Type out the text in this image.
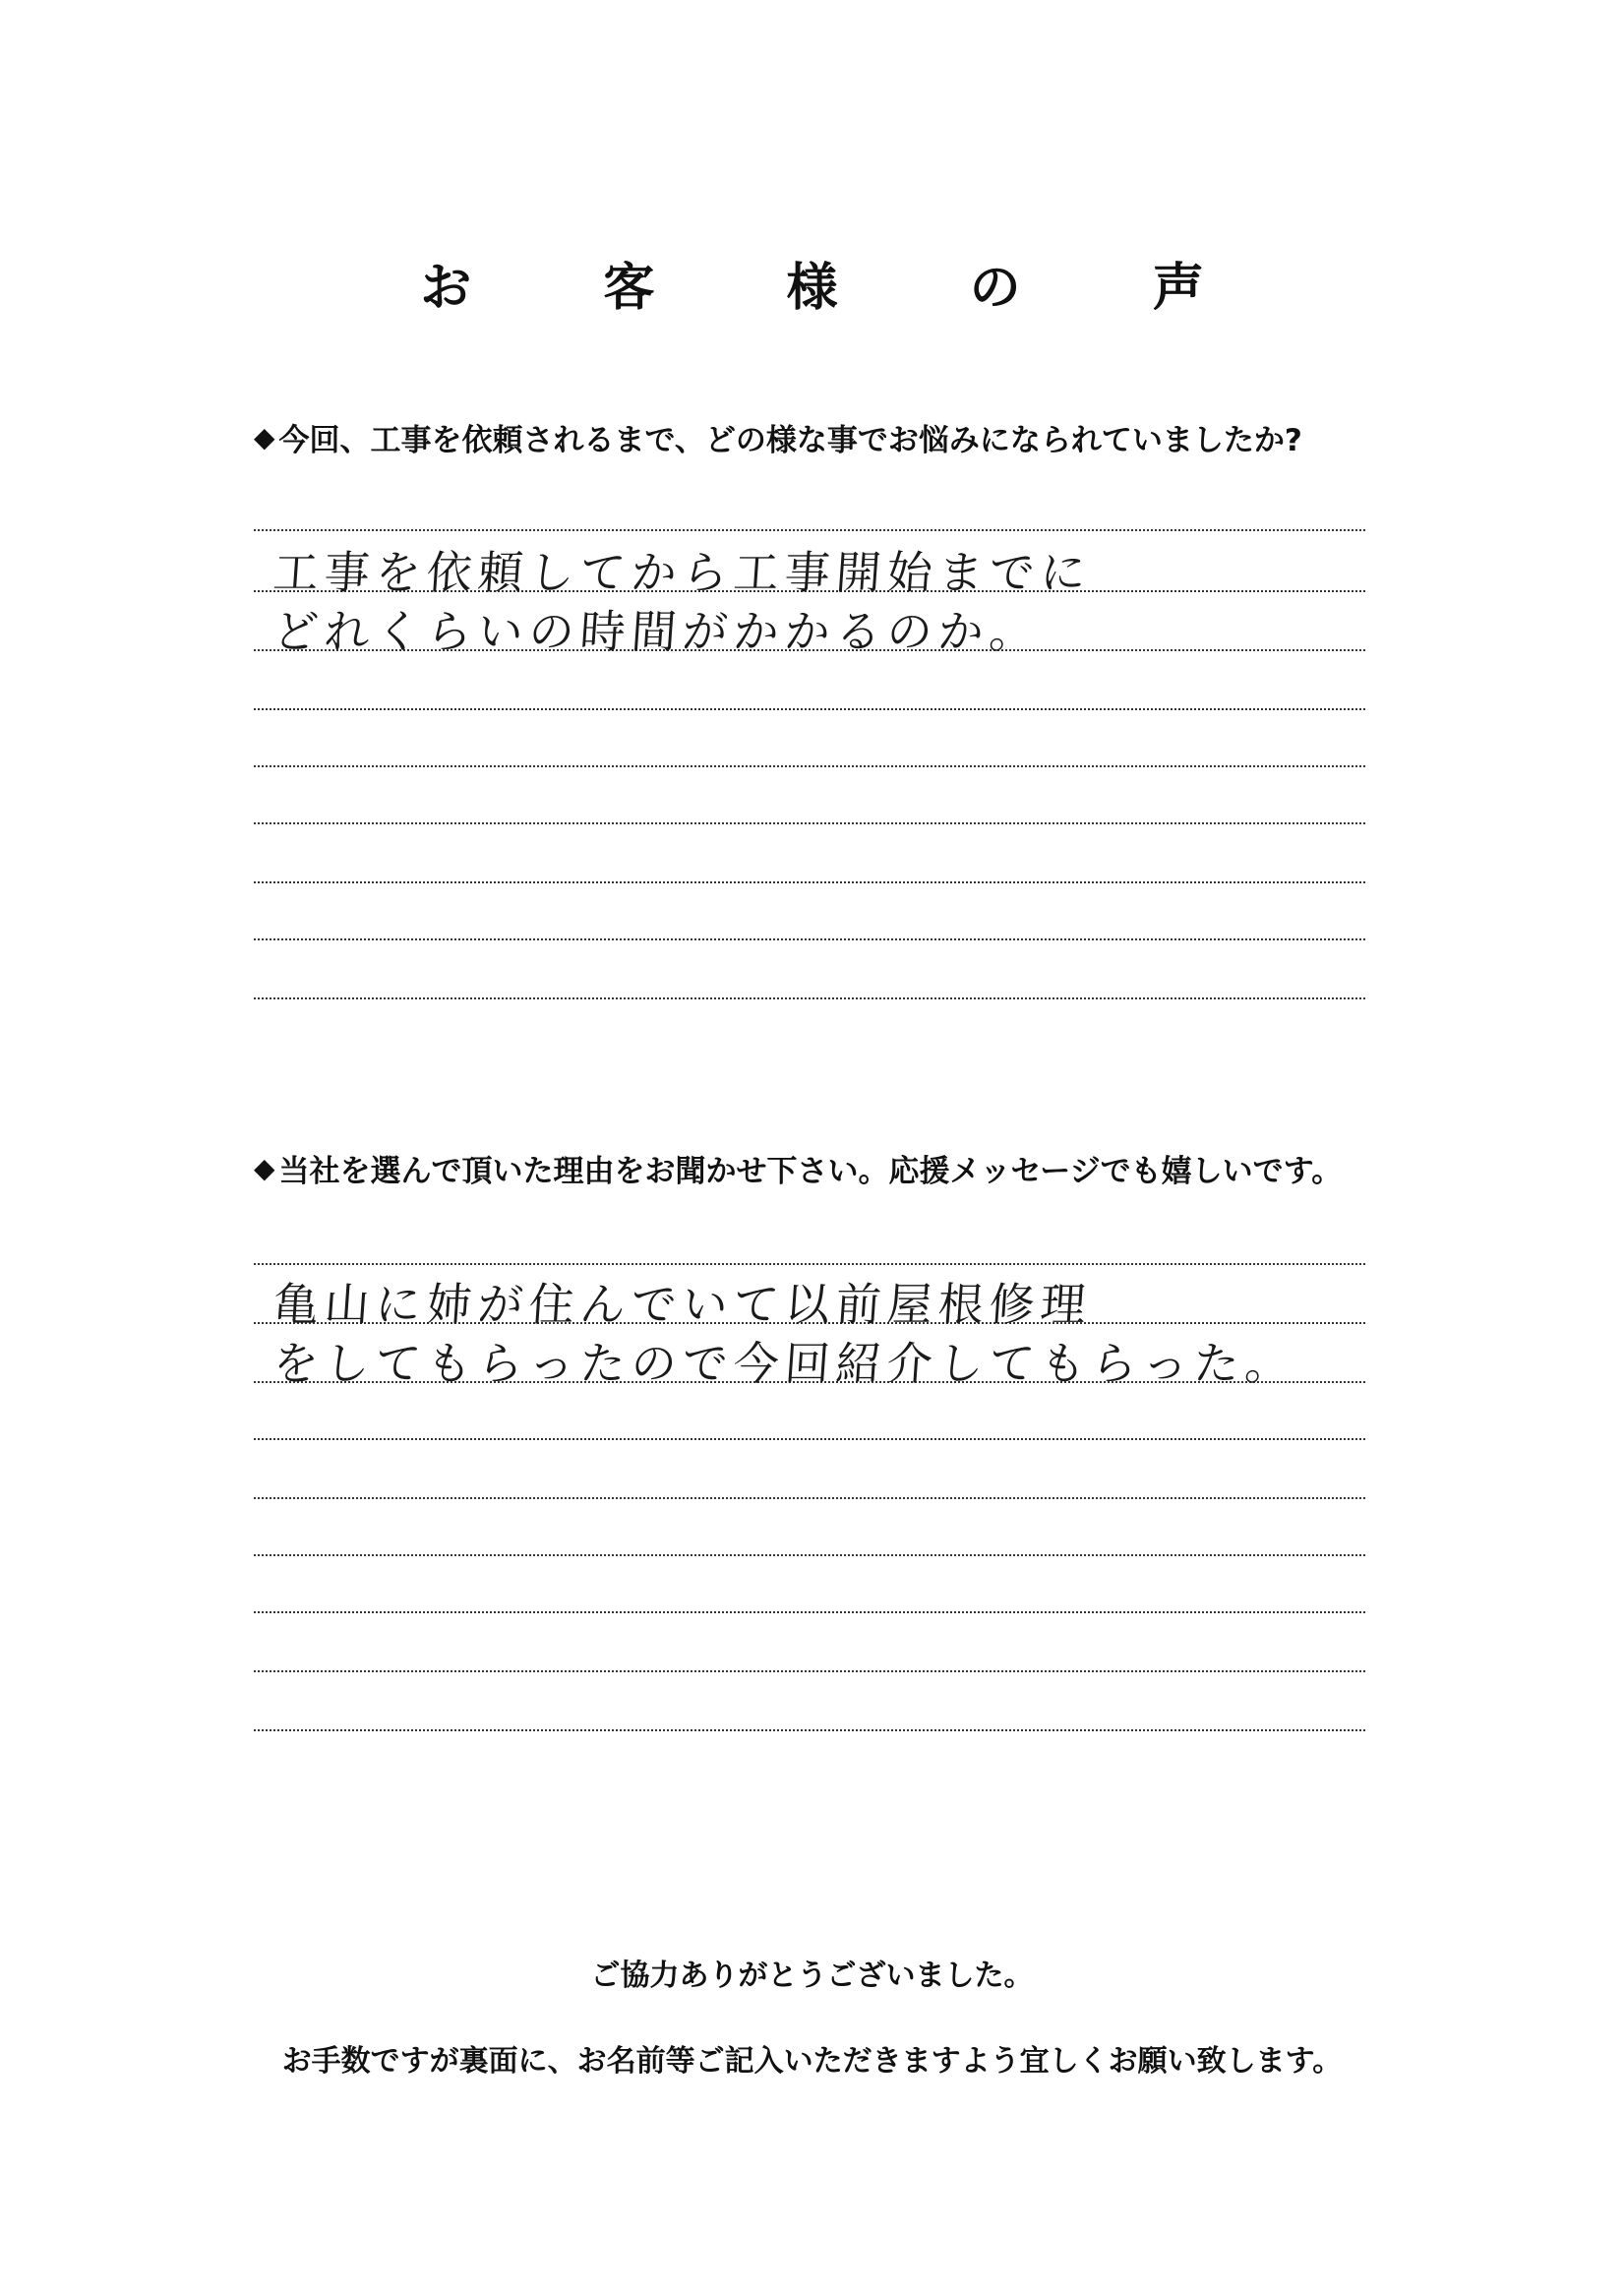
お 客 様 の 声
◆ 今回、工事を依頼されるまで、どの様な事でお悩みになられていましたか?
工事を依頼してから工事開始までに
どれくらいの時間がかかるのか。
◆ 当社を選んで頂いた理由をお聞かせ下さい。応援メッセージでも嬉しいです。
亀山に姉が住んでいて以前屋根修理
をしてもらったので今回紹介してもらった。
ご協力ありがとうございました。
お手数ですが裏面に、お名前等ご記入いただきますよう宜しくお願い致します。
